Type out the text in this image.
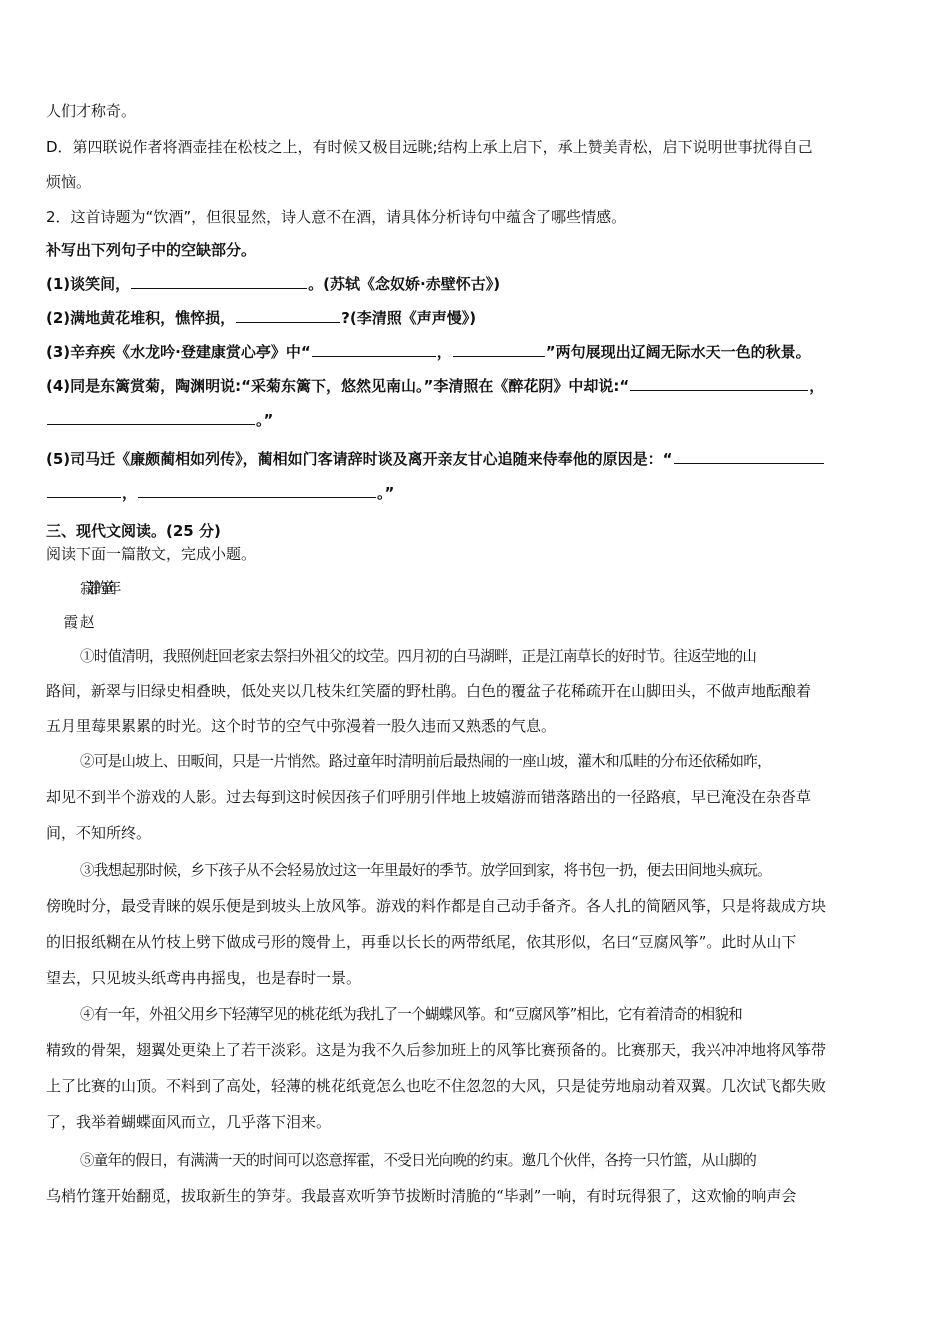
人们才称奇。
D．第四联说作者将酒壶挂在松枝之上，有时候又极目远眺;结构上承上启下，承上赞美青松，启下说明世事扰得自己
烦恼。
2．这首诗题为“饮酒”，但很显然，诗人意不在酒，请具体分析诗句中蕴含了哪些情感。
补写出下列句子中的空缺部分。
(1)谈笑间，	。(苏轼《念奴娇·赤壁怀古》)
(2)满地黄花堆积，憔悴损，	?(李清照《声声慢》)
(3)辛弃疾《水龙吟·登建康赏心亭》中“	，	”两句展现出辽阔无际水天一色的秋景。
(4)同是东篱赏菊，陶渊明说:“采菊东篱下，悠然见南山。”李清照在《醉花阴》中却说:“	，
。”
(5)司马迁《廉颇蔺相如列传》，蔺相如门客请辞时谈及离开亲友甘心追随来侍奉他的原因是：“
，	。”
三、现代文阅读。(25 分)
阅读下面一篇散文，完成小题。
寂静的童年
①时值清明，我照例赶回老家去祭扫外祖父的坟茔。四月初的白马湖畔，正是江南草长的好时节。往返茔地的山
路间，新翠与旧绿史相叠映，低处夹以几枝朱红笑靥的野杜鹃。白色的覆盆子花稀疏开在山脚田头，不做声地酝酿着
五月里莓果累累的时光。这个时节的空气中弥漫着一股久违而又熟悉的气息。
②可是山坡上、田畈间，只是一片悄然。路过童年时清明前后最热闹的一座山坡，灌木和瓜畦的分布还依稀如昨，
却见不到半个游戏的人影。过去每到这时候因孩子们呼朋引伴地上坡嬉游而错落踏出的一径路痕，早已淹没在杂沓草
间，不知所终。
③我想起那时候，乡下孩子从不会轻易放过这一年里最好的季节。放学回到家，将书包一扔，便去田间地头疯玩。
傍晚时分，最受青睐的娱乐便是到坡头上放风筝。游戏的料作都是自己动手备齐。各人扎的简陋风筝，只是将裁成方块
的旧报纸糊在从竹枝上劈下做成弓形的篾骨上，再垂以长长的两带纸尾，依其形似，名曰“豆腐风筝”。此时从山下
望去，只见坡头纸鸢冉冉摇曳，也是春时一景。
④有一年，外祖父用乡下轻薄罕见的桃花纸为我扎了一个蝴蝶风筝。和“豆腐风筝”相比，它有着清奇的相貌和
精致的骨架，翅翼处更染上了若干淡彩。这是为我不久后参加班上的风筝比赛预备的。比赛那天，我兴冲冲地将风筝带
上了比赛的山顶。不料到了高处，轻薄的桃花纸竟怎么也吃不住忽忽的大风，只是徒劳地扇动着双翼。几次试飞都失败
了，我举着蝴蝶面风而立，几乎落下泪来。
⑤童年的假日，有满满一天的时间可以恣意挥霍，不受日光向晚的约束。邀几个伙伴，各挎一只竹篮，从山脚的
乌梢竹篷开始翻觅，拔取新生的笋芽。我最喜欢听笋节拔断时清脆的“毕剥”一响，有时玩得狠了，这欢愉的响声会
